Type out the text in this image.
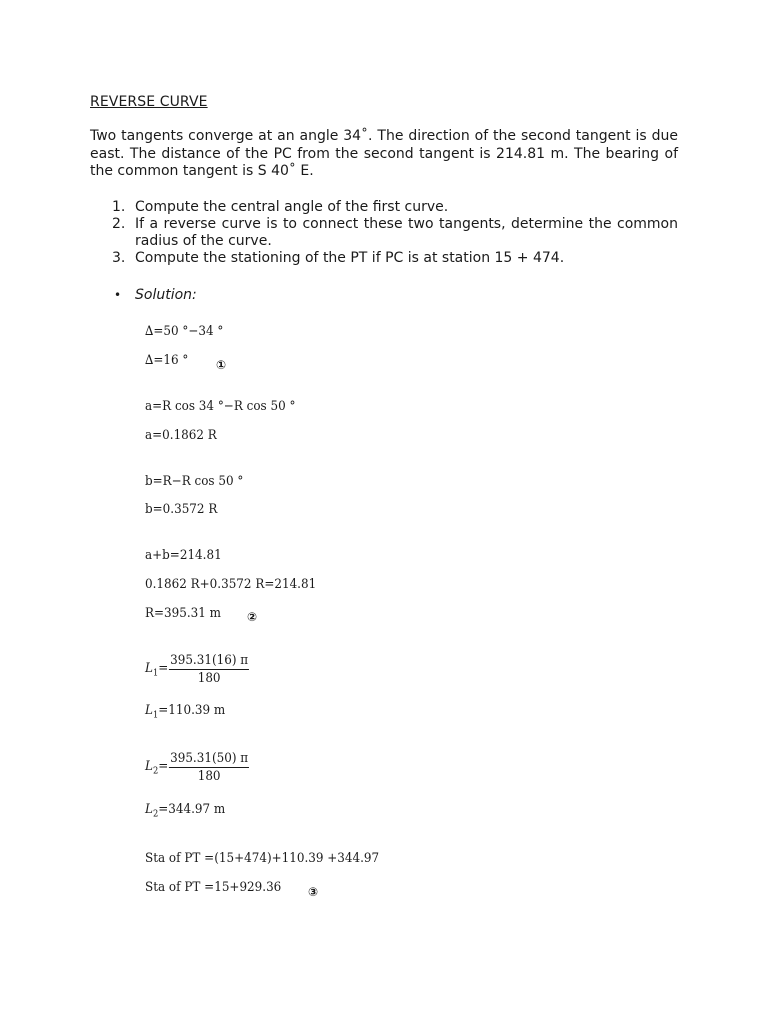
REVERSE CURVE

Two tangents converge at an angle 34˚. The direction of the second tangent is due east. The distance of the PC from the second tangent is 214.81 m. The bearing of the common tangent is S 40˚ E.

1. Compute the central angle of the first curve.
2. If a reverse curve is to connect these two tangents, determine the common radius of the curve.
3. Compute the stationing of the PT if PC is at station 15 + 474.
• Solution:
∆=50 °−34 °
∆=16 ° ①
a=R cos 34 °−R cos 50 °
a=0.1862 R
b=R−R cos 50 °
b=0.3572 R
a+b=214.81
0.1862 R+0.3572 R=214.81
R=395.31 m ②
$L_1= \frac{395.31(16) \pi}{180}$
$L_1=110.39$ m
$L_2= \frac{395.31(50) \pi}{180}$
$L_2=344.97$ m
Sta of PT =(15+474)+110.39 +344.97
Sta of PT =15+929.36 ③
